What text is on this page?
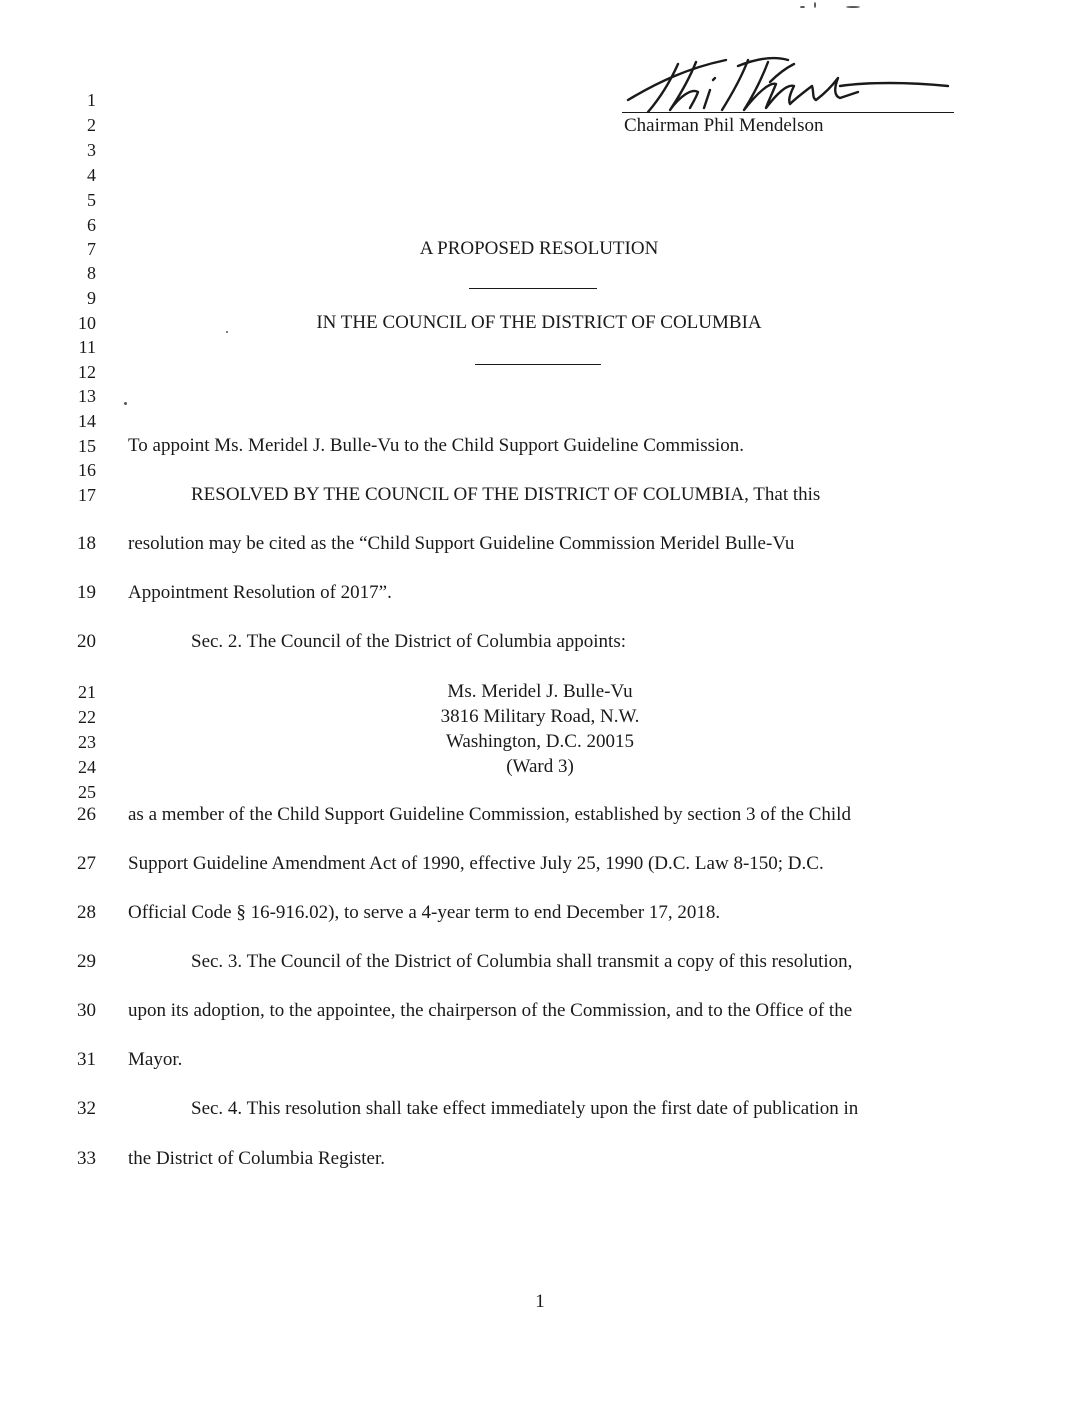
Chairman Phil Mendelson
1
2
3
4
5
6
7
8
9
10
11
12
13
14
15
16
17
18
19
20
21
22
23
24
25
26
27
28
29
30
31
32
33
A PROPOSED RESOLUTION
IN THE COUNCIL OF THE DISTRICT OF COLUMBIA
To appoint Ms. Meridel J. Bulle-Vu to the Child Support Guideline Commission.
RESOLVED BY THE COUNCIL OF THE DISTRICT OF COLUMBIA, That this
resolution may be cited as the “Child Support Guideline Commission Meridel Bulle-Vu
Appointment Resolution of 2017”.
Sec. 2. The Council of the District of Columbia appoints:
Ms. Meridel J. Bulle-Vu
3816 Military Road, N.W.
Washington, D.C. 20015
(Ward 3)
as a member of the Child Support Guideline Commission, established by section 3 of the Child
Support Guideline Amendment Act of 1990, effective July 25, 1990 (D.C. Law 8-150; D.C.
Official Code § 16-916.02), to serve a 4-year term to end December 17, 2018.
Sec. 3. The Council of the District of Columbia shall transmit a copy of this resolution,
upon its adoption, to the appointee, the chairperson of the Commission, and to the Office of the
Mayor.
Sec. 4. This resolution shall take effect immediately upon the first date of publication in
the District of Columbia Register.
1
